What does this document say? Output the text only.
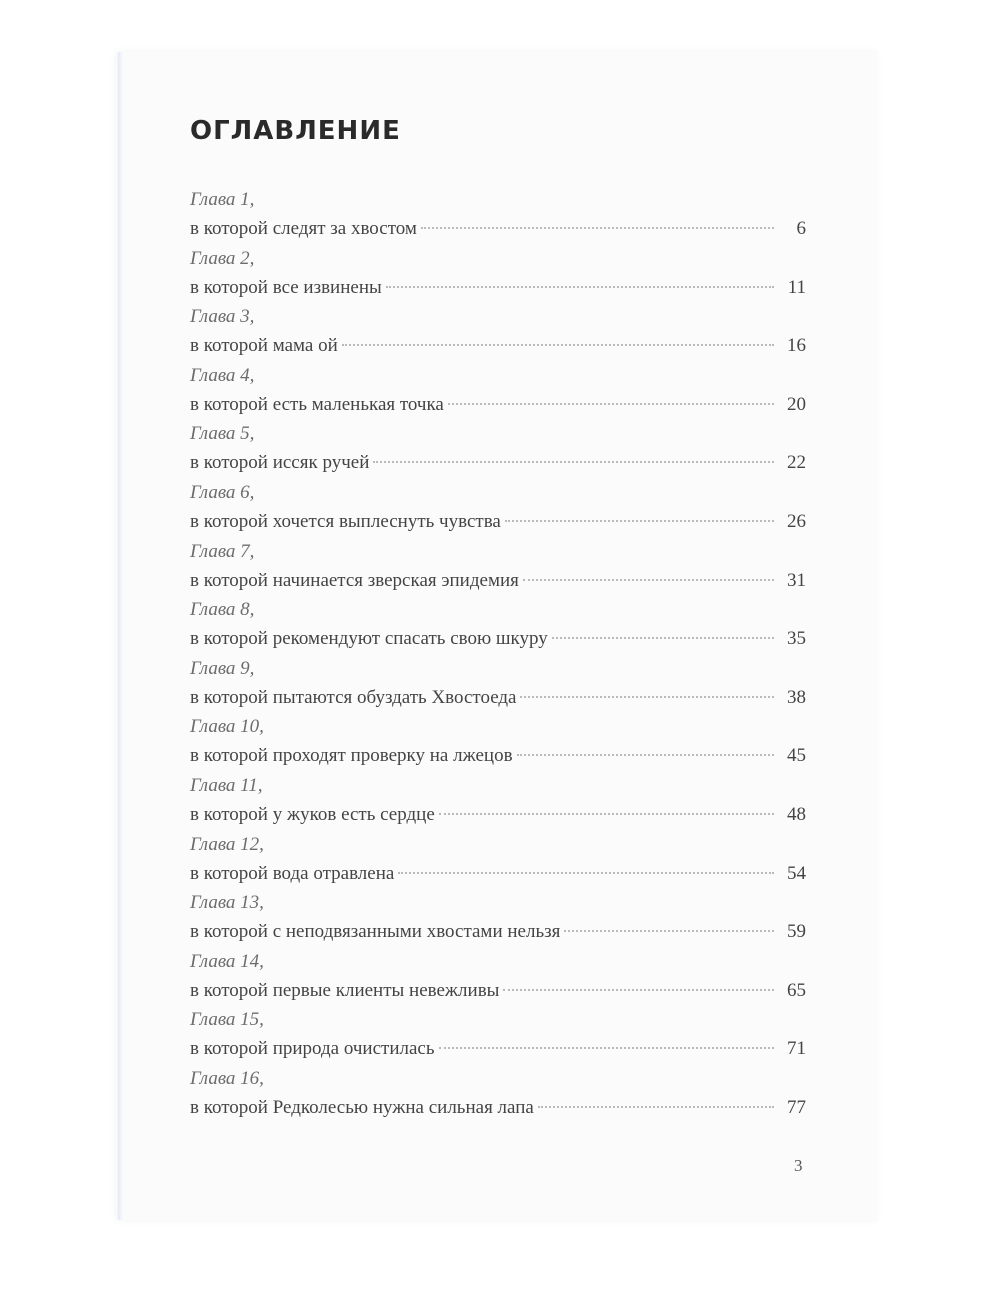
ОГЛАВЛЕНИЕ
Глава 1,
в которой следят за хвостом	6
Глава 2,
в которой все извинены	11
Глава 3,
в которой мама ой	16
Глава 4,
в которой есть маленькая точка	20
Глава 5,
в которой иссяк ручей	22
Глава 6,
в которой хочется выплеснуть чувства	26
Глава 7,
в которой начинается зверская эпидемия	31
Глава 8,
в которой рекомендуют спасать свою шкуру	35
Глава 9,
в которой пытаются обуздать Хвостоеда	38
Глава 10,
в которой проходят проверку на лжецов	45
Глава 11,
в которой у жуков есть сердце	48
Глава 12,
в которой вода отравлена	54
Глава 13,
в которой с неподвязанными хвостами нельзя	59
Глава 14,
в которой первые клиенты невежливы	65
Глава 15,
в которой природа очистилась	71
Глава 16,
в которой Редколесью нужна сильная лапа	77
3
